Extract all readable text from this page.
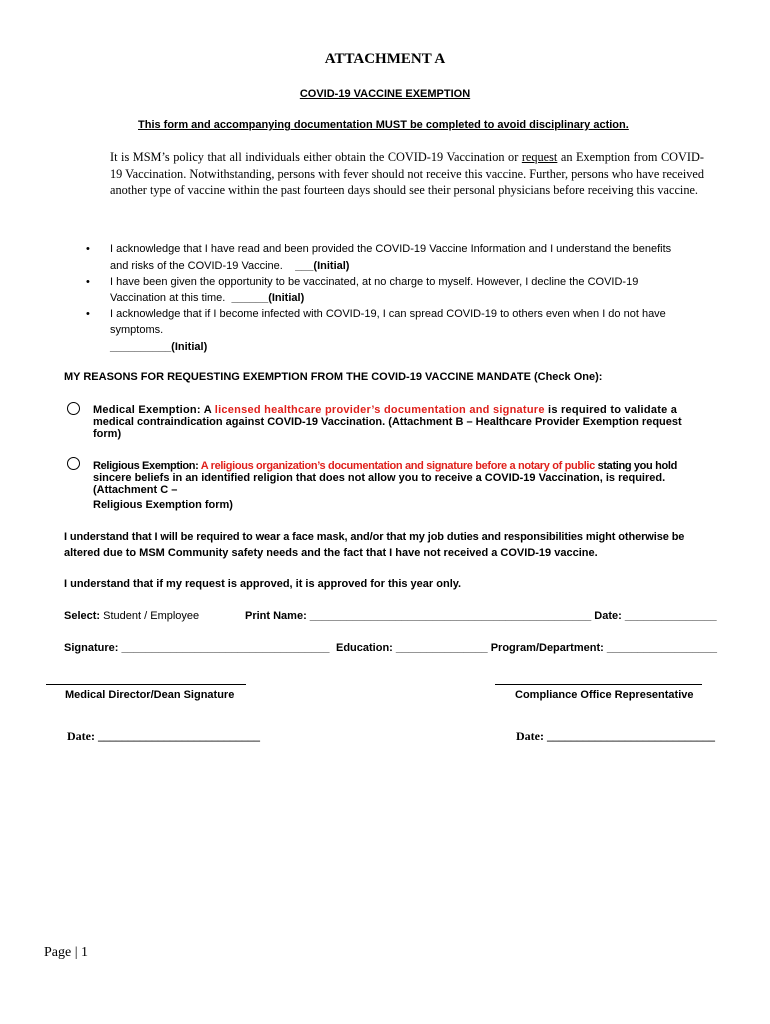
ATTACHMENT A
COVID-19 VACCINE EXEMPTION
This form and accompanying documentation MUST be completed to avoid disciplinary action.
It is MSM’s policy that all individuals either obtain the COVID-19 Vaccination or request an Exemption from COVID-19 Vaccination. Notwithstanding, persons with fever should not receive this vaccine. Further, persons who have received another type of vaccine within the past fourteen days should see their personal physicians before receiving this vaccine.
• I acknowledge that I have read and been provided the COVID-19 Vaccine Information and I understand the benefits
and risks of the COVID-19 Vaccine. ___(Initial)
• I have been given the opportunity to be vaccinated, at no charge to myself. However, I decline the COVID-19
Vaccination at this time. ______(Initial)
• I acknowledge that if I become infected with COVID-19, I can spread COVID-19 to others even when I do not have
symptoms.
__________(Initial)
MY REASONS FOR REQUESTING EXEMPTION FROM THE COVID-19 VACCINE MANDATE (Check One):
Medical Exemption: A licensed healthcare provider’s documentation and signature is required to validate a
medical contraindication against COVID-19 Vaccination. (Attachment B – Healthcare Provider Exemption request
form)
Religious Exemption: A religious organization’s documentation and signature before a notary of public stating you hold
sincere beliefs in an identified religion that does not allow you to receive a COVID-19 Vaccination, is required.
(Attachment C –
Religious Exemption form)
I understand that I will be required to wear a face mask, and/or that my job duties and responsibilities might otherwise be
altered due to MSM Community safety needs and the fact that I have not received a COVID-19 vaccine.
I understand that if my request is approved, it is approved for this year only.
Select: Student / Employee	Print Name: ______________________________________________ Date: _______________
Signature: __________________________________ Education: _______________ Program/Department: __________________
Medical Director/Dean Signature	Compliance Office Representative
Date: ___________________________	Date: ____________________________
Page | 1
